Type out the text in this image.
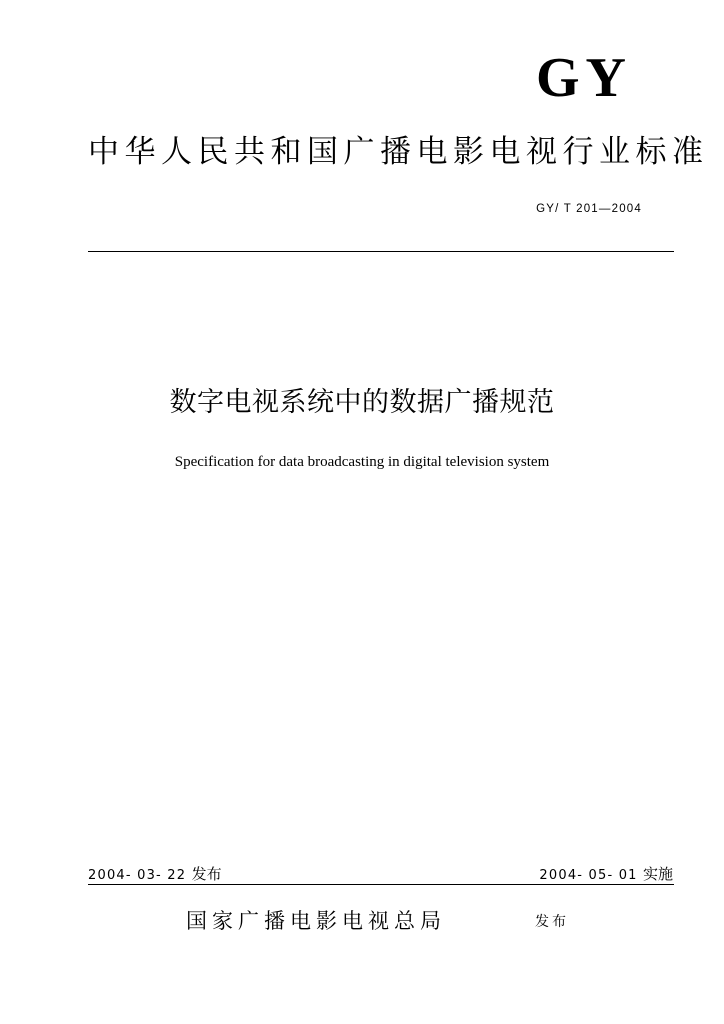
GY
中华人民共和国广播电影电视行业标准
GY/ T 201—2004
数字电视系统中的数据广播规范
Specification for data broadcasting in digital television system
2004- 03- 22 发布	2004- 05- 01 实施
国家广播电影电视总局	发布
